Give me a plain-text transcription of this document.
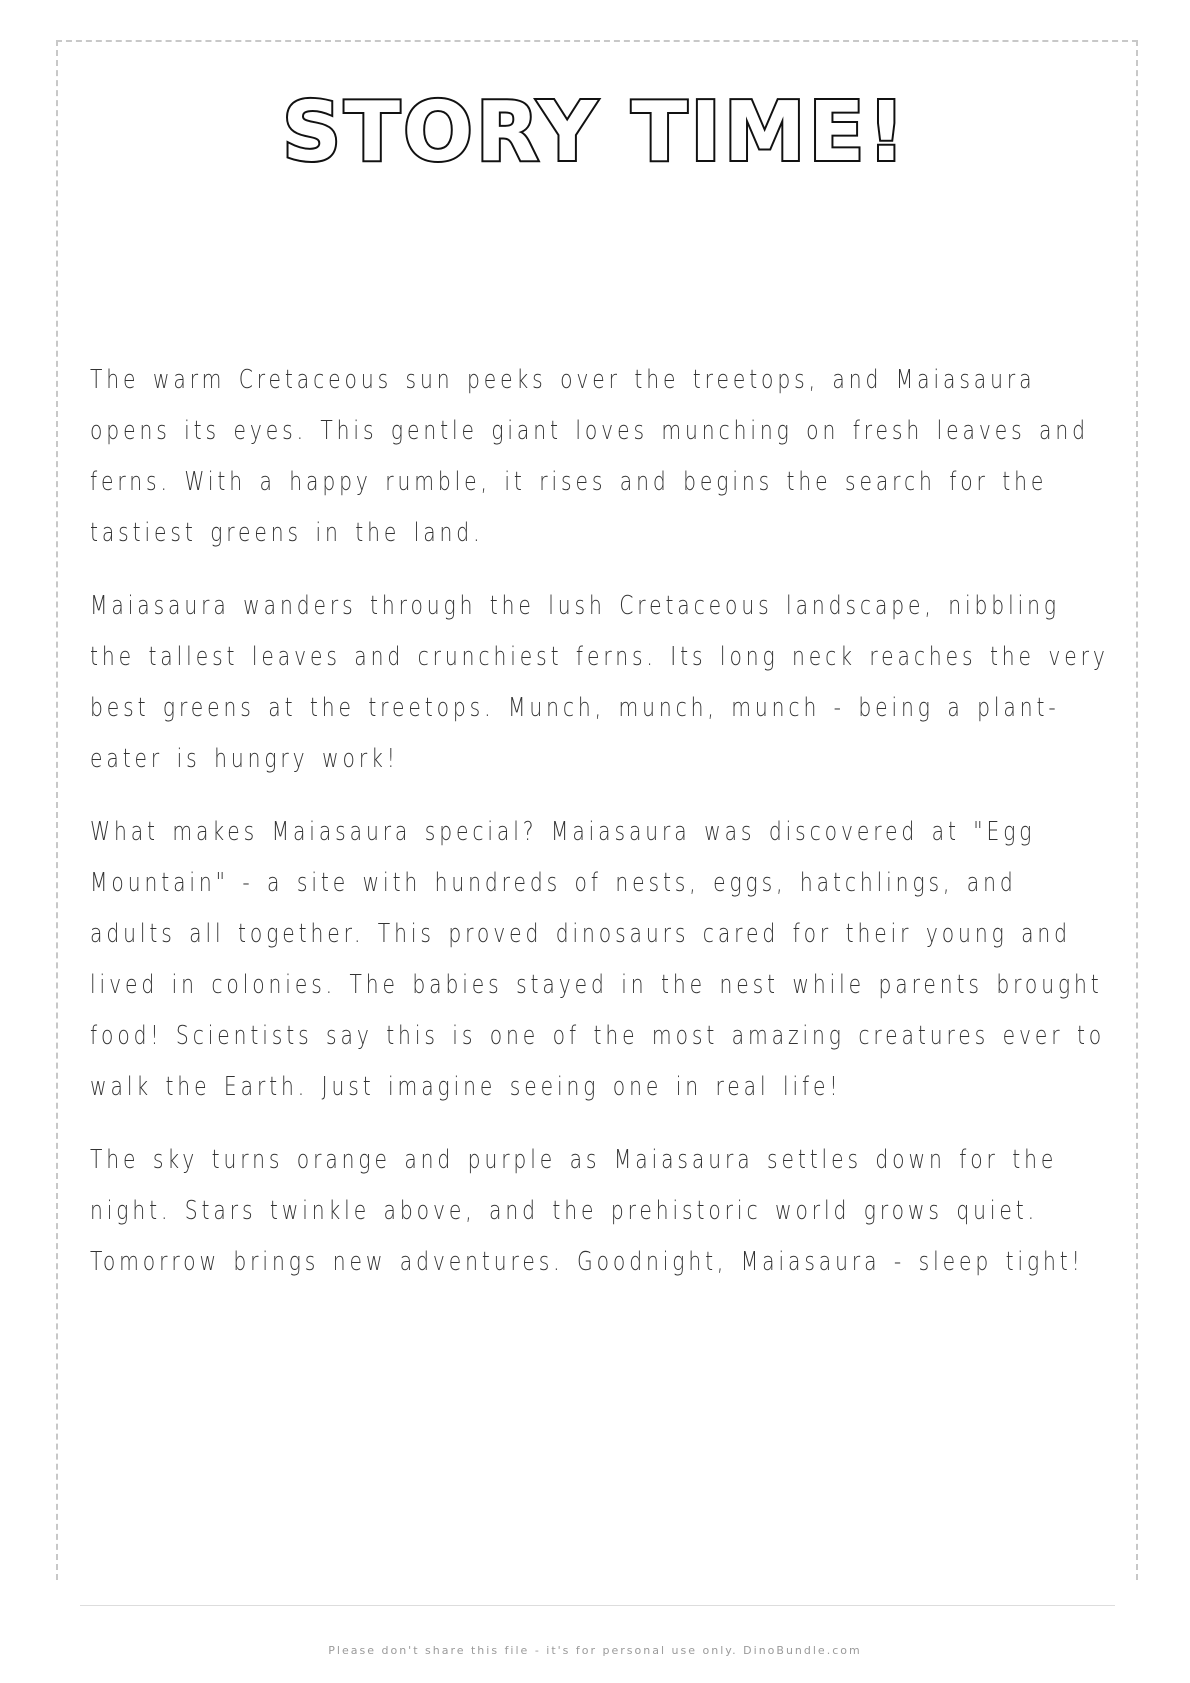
STORY TIME!

The warm Cretaceous sun peeks over the treetops, and Maiasaura opens its eyes. This gentle giant loves munching on fresh leaves and ferns. With a happy rumble, it rises and begins the search for the tastiest greens in the land.

Maiasaura wanders through the lush Cretaceous landscape, nibbling the tallest leaves and crunchiest ferns. Its long neck reaches the very best greens at the treetops. Munch, munch, munch - being a plant-eater is hungry work!

What makes Maiasaura special? Maiasaura was discovered at "Egg Mountain" - a site with hundreds of nests, eggs, hatchlings, and adults all together. This proved dinosaurs cared for their young and lived in colonies. The babies stayed in the nest while parents brought food! Scientists say this is one of the most amazing creatures ever to walk the Earth. Just imagine seeing one in real life!

The sky turns orange and purple as Maiasaura settles down for the night. Stars twinkle above, and the prehistoric world grows quiet. Tomorrow brings new adventures. Goodnight, Maiasaura - sleep tight!

Please don't share this file - it's for personal use only. DinoBundle.com
